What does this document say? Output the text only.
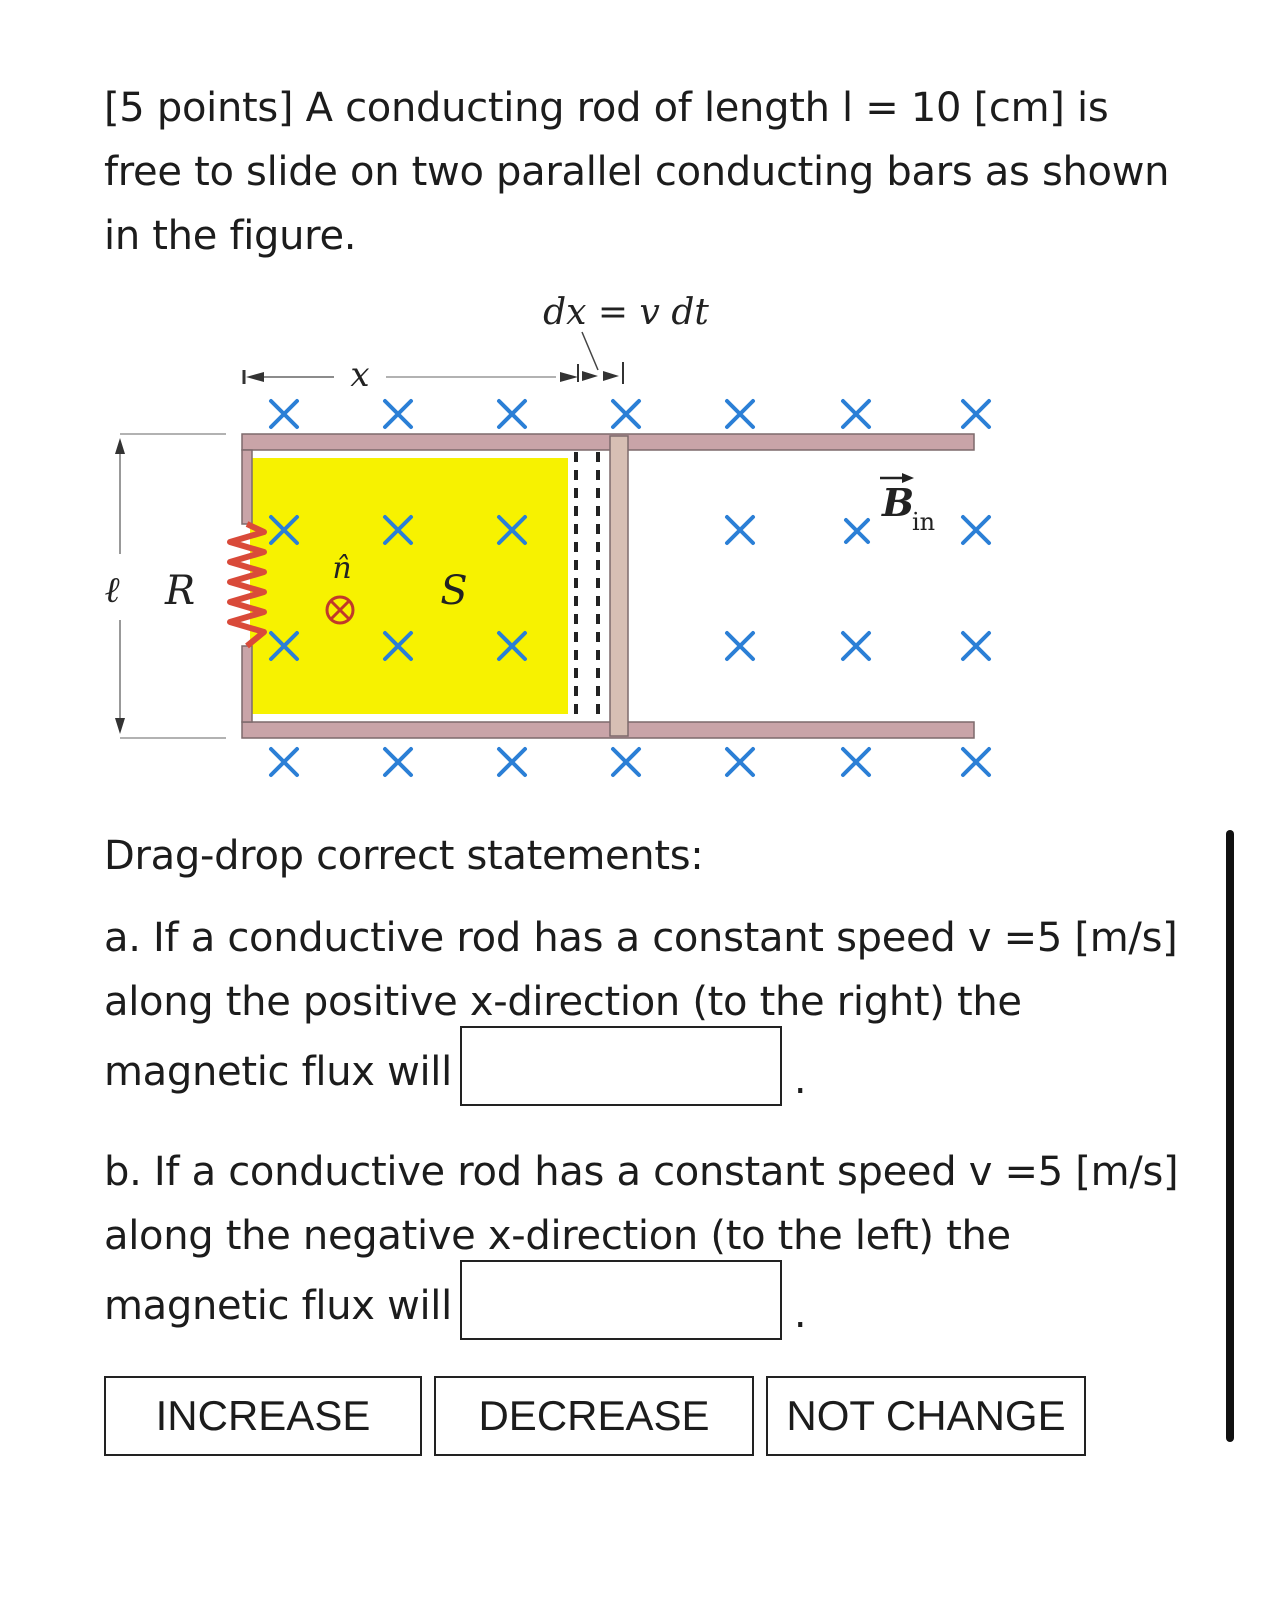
[5 points] A conducting rod of length l = 10 [cm] is free to slide on two parallel conducting bars as shown in the figure.

x
dx = v dt
ℓ R	n̂ S
B
in

Drag-drop correct statements:

a. If a conductive rod has a constant speed v =5 [m/s] along the positive x-direction (to the right) the magnetic flux will	.

b. If a conductive rod has a constant speed v =5 [m/s] along the negative x-direction (to the left) the magnetic flux will	.

INCREASE	DECREASE	NOT CHANGE
